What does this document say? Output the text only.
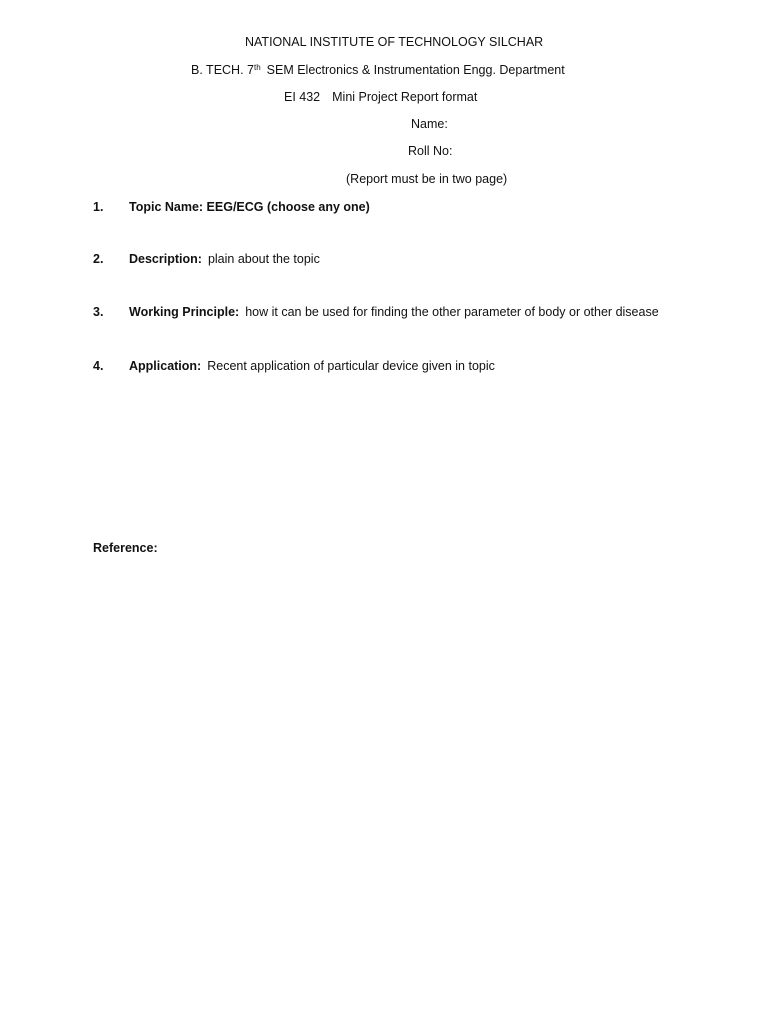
NATIONAL INSTITUTE OF TECHNOLOGY SILCHAR
B. TECH. 7th SEM Electronics & Instrumentation Engg. Department
EI 432 Mini Project Report format
Name:
Roll No:
(Report must be in two page)
1. Topic Name: EEG/ECG (choose any one)
2. Description: plain about the topic
3. Working Principle: how it can be used for finding the other parameter of body or other disease
4. Application: Recent application of particular device given in topic
Reference:
